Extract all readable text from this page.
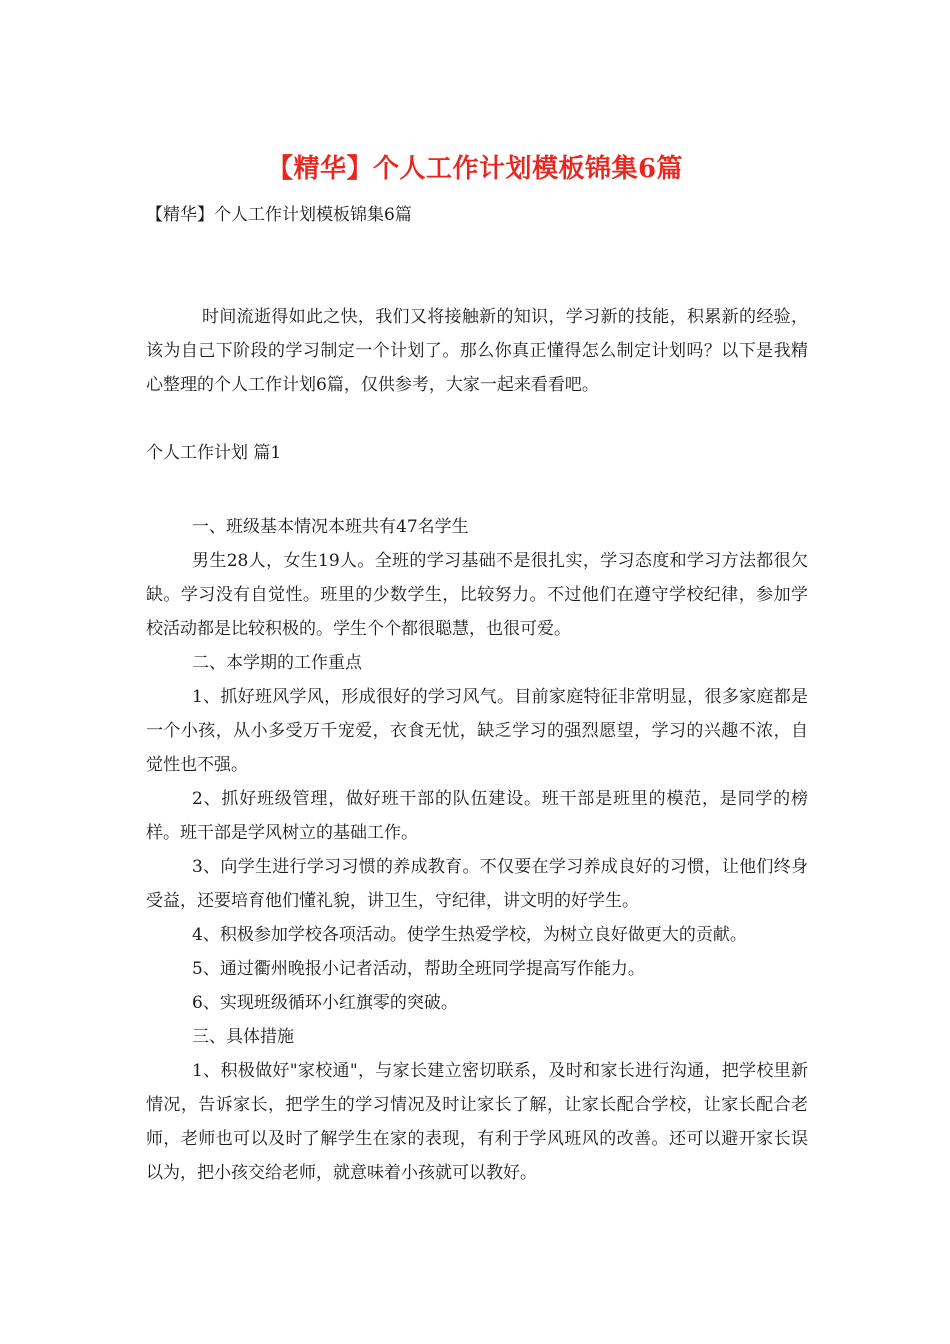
【精华】个人工作计划模板锦集6篇
【精华】个人工作计划模板锦集6篇

时间流逝得如此之快，我们又将接触新的知识，学习新的技能，积累新的经验，该为自己下阶段的学习制定一个计划了。那么你真正懂得怎么制定计划吗？以下是我精心整理的个人工作计划6篇，仅供参考，大家一起来看看吧。

个人工作计划 篇1

一、班级基本情况本班共有47名学生

男生28人，女生19人。全班的学习基础不是很扎实，学习态度和学习方法都很欠缺。学习没有自觉性。班里的少数学生，比较努力。不过他们在遵守学校纪律，参加学校活动都是比较积极的。学生个个都很聪慧，也很可爱。

二、本学期的工作重点

1、抓好班风学风，形成很好的学习风气。目前家庭特征非常明显，很多家庭都是一个小孩，从小多受万千宠爱，衣食无忧，缺乏学习的强烈愿望，学习的兴趣不浓，自觉性也不强。

2、抓好班级管理，做好班干部的队伍建设。班干部是班里的模范，是同学的榜样。班干部是学风树立的基础工作。

3、向学生进行学习习惯的养成教育。不仅要在学习养成良好的习惯，让他们终身受益，还要培育他们懂礼貌，讲卫生，守纪律，讲文明的好学生。

4、积极参加学校各项活动。使学生热爱学校，为树立良好做更大的贡献。

5、通过衢州晚报小记者活动，帮助全班同学提高写作能力。

6、实现班级循环小红旗零的突破。

三、具体措施

1、积极做好"家校通"，与家长建立密切联系，及时和家长进行沟通，把学校里新情况，告诉家长，把学生的学习情况及时让家长了解，让家长配合学校，让家长配合老师，老师也可以及时了解学生在家的表现，有利于学风班风的改善。还可以避开家长误以为，把小孩交给老师，就意味着小孩就可以教好。
